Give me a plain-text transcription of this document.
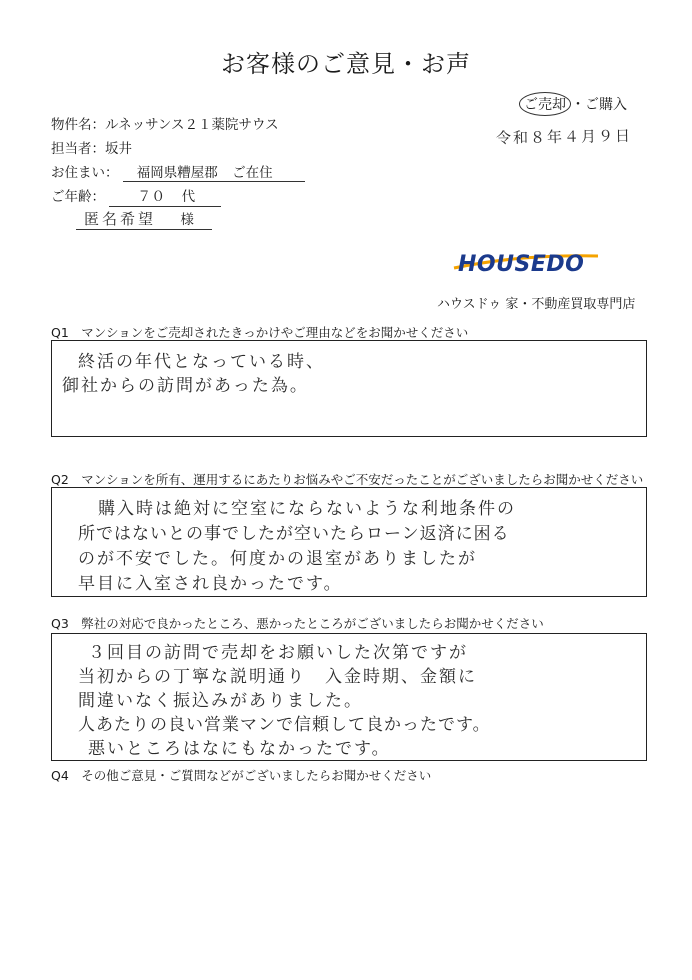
お客様のご意見・お声
ご売却 ・ご購入
令和８年４月９日
物件名：ルネッサンス２１薬院サウス
担当者：坂井
お住まい： 福岡県糟屋郡 ご在住
ご年齢： ７０ 代
匿名希望 様
HOUSEDO
ハウスドゥ 家・不動産買取専門店
Q1　マンションをご売却されたきっかけやご理由などをお聞かせください
終活の年代となっている時、
御社からの訪問があった為。
Q2　マンションを所有、運用するにあたりお悩みやご不安だったことがございましたらお聞かせください
購入時は絶対に空室にならないような利地条件の
所ではないとの事でしたが空いたらローン返済に困る
のが不安でした。何度かの退室がありましたが
早目に入室され良かったです。
Q3　弊社の対応で良かったところ、悪かったところがございましたらお聞かせください
３回目の訪問で売却をお願いした次第ですが
当初からの丁寧な説明通り　入金時期、金額に
間違いなく振込みがありました。
人あたりの良い営業マンで信頼して良かったです。
悪いところはなにもなかったです。
Q4　その他ご意見・ご質問などがございましたらお聞かせください
